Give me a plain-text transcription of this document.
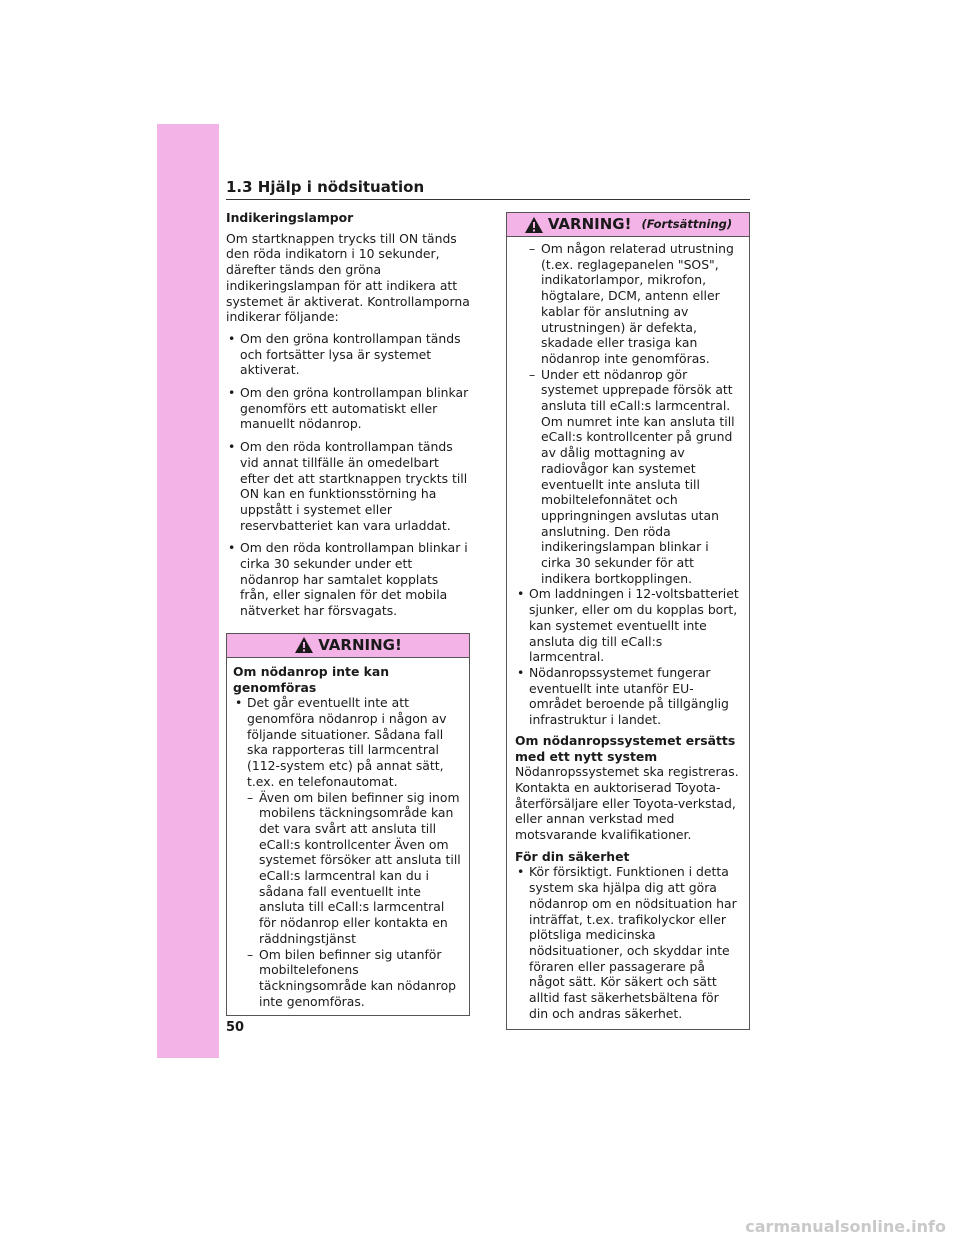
1.3 Hjälp i nödsituation
Indikeringslampor

Om startknappen trycks till ON tänds den röda indikatorn i 10 sekunder, därefter tänds den gröna indikeringslampan för att indikera att systemet är aktiverat. Kontrollamporna indikerar följande:

• Om den gröna kontrollampan tänds och fortsätter lysa är systemet aktiverat.
• Om den gröna kontrollampan blinkar genomförs ett automatiskt eller manuellt nödanrop.
• Om den röda kontrollampan tänds vid annat tillfälle än omedelbart efter det att startknappen tryckts till ON kan en funktionsstörning ha uppstått i systemet eller reservbatteriet kan vara urladdat.
• Om den röda kontrollampan blinkar i cirka 30 sekunder under ett nödanrop har samtalet kopplats från, eller signalen för det mobila nätverket har försvagats.
VARNING!
Om nödanrop inte kan genomföras
• Det går eventuellt inte att genomföra nödanrop i någon av följande situationer. Sådana fall ska rapporteras till larmcentral (112-system etc) på annat sätt, t.ex. en telefonautomat.
– Även om bilen befinner sig inom mobilens täckningsområde kan det vara svårt att ansluta till eCall:s kontrollcenter Även om systemet försöker att ansluta till eCall:s larmcentral kan du i sådana fall eventuellt inte ansluta till eCall:s larmcentral för nödanrop eller kontakta en räddningstjänst
– Om bilen befinner sig utanför mobiltelefonens täckningsområde kan nödanrop inte genomföras.
VARNING! (Fortsättning)
– Om någon relaterad utrustning (t.ex. reglagepanelen "SOS", indikatorlampor, mikrofon, högtalare, DCM, antenn eller kablar för anslutning av utrustningen) är defekta, skadade eller trasiga kan nödanrop inte genomföras.
– Under ett nödanrop gör systemet upprepade försök att ansluta till eCall:s larmcentral. Om numret inte kan ansluta till eCall:s kontrollcenter på grund av dålig mottagning av radiovågor kan systemet eventuellt inte ansluta till mobiltelefonnätet och uppringningen avslutas utan anslutning. Den röda indikeringslampan blinkar i cirka 30 sekunder för att indikera bortkopplingen.
• Om laddningen i 12-voltsbatteriet sjunker, eller om du kopplas bort, kan systemet eventuellt inte ansluta dig till eCall:s larmcentral.
• Nödanropssystemet fungerar eventuellt inte utanför EU-området beroende på tillgänglig infrastruktur i landet.
Om nödanropssystemet ersätts med ett nytt system

Nödanropssystemet ska registreras. Kontakta en auktoriserad Toyota-återförsäljare eller Toyota-verkstad, eller annan verkstad med motsvarande kvalifikationer.

För din säkerhet
• Kör försiktigt. Funktionen i detta system ska hjälpa dig att göra nödanrop om en nödsituation har inträffat, t.ex. trafikolyckor eller plötsliga medicinska nödsituationer, och skyddar inte föraren eller passagerare på något sätt. Kör säkert och sätt alltid fast säkerhetsbältena för din och andras säkerhet.
50
carmanualsonline.info
